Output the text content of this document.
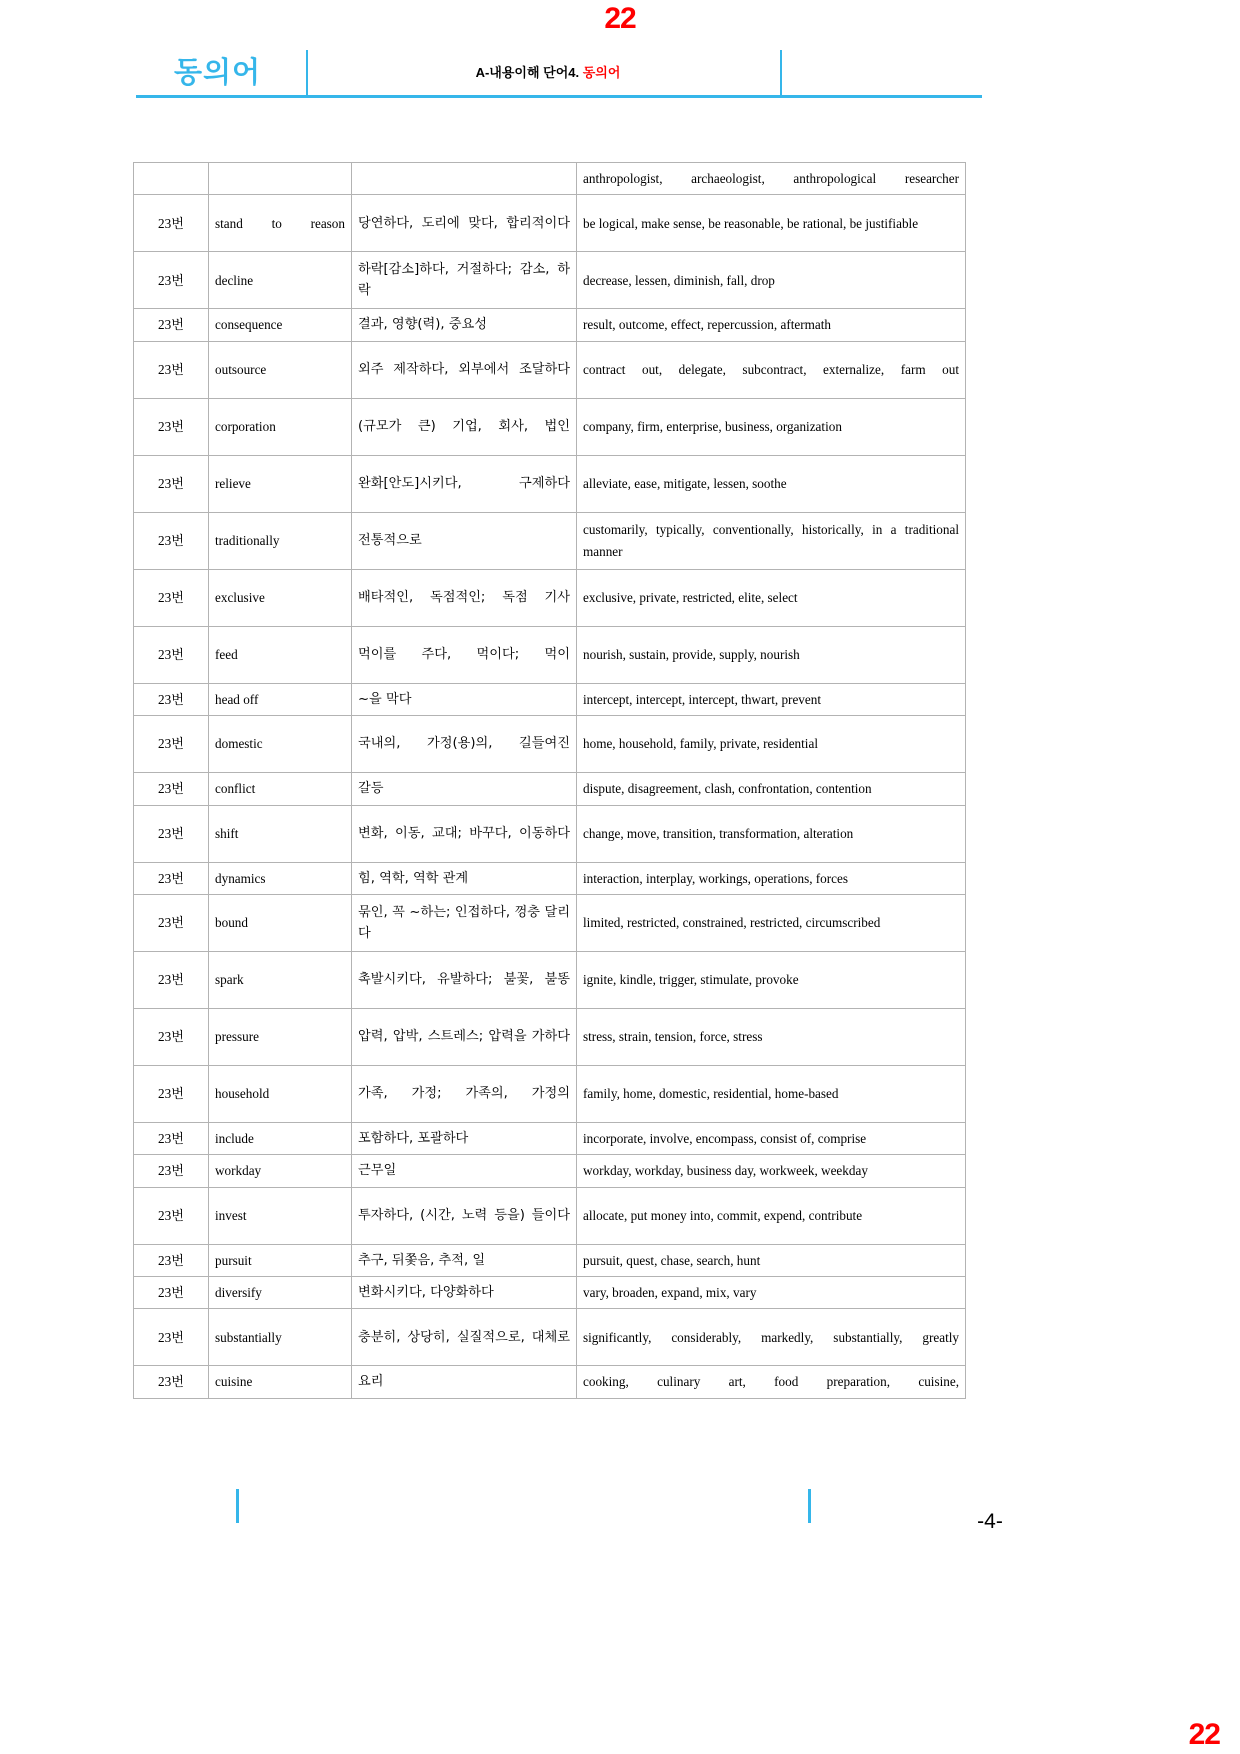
22
동의어	A-내용이해 단어4. 동의어
			anthropologist, archaeologist, anthropological researcher
23번	stand to reason	당연하다, 도리에 맞다, 합리적이다	be logical, make sense, be reasonable, be rational, be justifiable
23번	decline	하락[감소]하다, 거절하다; 감소, 하락	decrease, lessen, diminish, fall, drop
23번	consequence	결과, 영향(력), 중요성	result, outcome, effect, repercussion, aftermath
23번	outsource	외주 제작하다, 외부에서 조달하다	contract out, delegate, subcontract, externalize, farm out
23번	corporation	(규모가 큰) 기업, 회사, 법인	company, firm, enterprise, business, organization
23번	relieve	완화[안도]시키다, 구제하다	alleviate, ease, mitigate, lessen, soothe
23번	traditionally	전통적으로	customarily, typically, conventionally, historically, in a traditional manner
23번	exclusive	배타적인, 독점적인; 독점 기사	exclusive, private, restricted, elite, select
23번	feed	먹이를 주다, 먹이다; 먹이	nourish, sustain, provide, supply, nourish
23번	head off	~을 막다	intercept, intercept, intercept, thwart, prevent
23번	domestic	국내의, 가정(용)의, 길들여진	home, household, family, private, residential
23번	conflict	갈등	dispute, disagreement, clash, confrontation, contention
23번	shift	변화, 이동, 교대; 바꾸다, 이동하다	change, move, transition, transformation, alteration
23번	dynamics	힘, 역학, 역학 관계	interaction, interplay, workings, operations, forces
23번	bound	묶인, 꼭 ~하는; 인접하다, 껑충 달리다	limited, restricted, constrained, restricted, circumscribed
23번	spark	촉발시키다, 유발하다; 불꽃, 불똥	ignite, kindle, trigger, stimulate, provoke
23번	pressure	압력, 압박, 스트레스; 압력을 가하다	stress, strain, tension, force, stress
23번	household	가족, 가정; 가족의, 가정의	family, home, domestic, residential, home-based
23번	include	포함하다, 포괄하다	incorporate, involve, encompass, consist of, comprise
23번	workday	근무일	workday, workday, business day, workweek, weekday
23번	invest	투자하다, (시간, 노력 등을) 들이다	allocate, put money into, commit, expend, contribute
23번	pursuit	추구, 뒤쫓음, 추적, 일	pursuit, quest, chase, search, hunt
23번	diversify	변화시키다, 다양화하다	vary, broaden, expand, mix, vary
23번	substantially	충분히, 상당히, 실질적으로, 대체로	significantly, considerably, markedly, substantially, greatly
23번	cuisine	요리	cooking, culinary art, food preparation, cuisine,
-4-
22
